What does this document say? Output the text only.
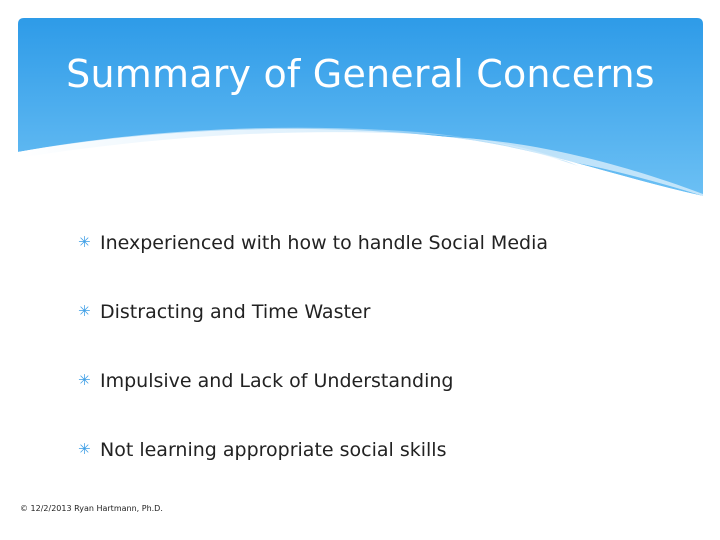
Summary of General Concerns
✳ Inexperienced with how to handle Social Media
✳ Distracting and Time Waster
✳ Impulsive and Lack of Understanding
✳ Not learning appropriate social skills
© 12/2/2013 Ryan Hartmann, Ph.D.
